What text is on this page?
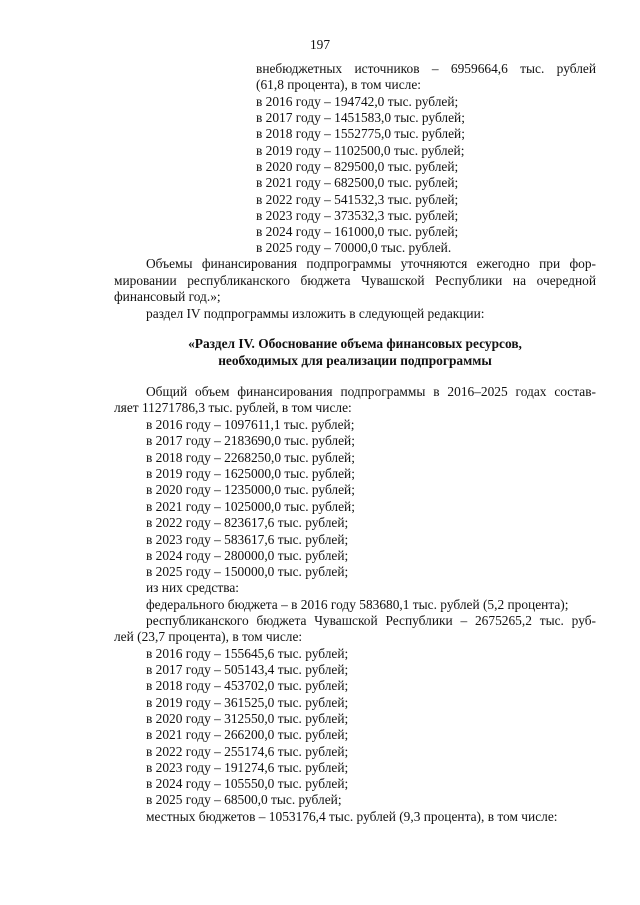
197
внебюджетных источников – 6959664,6 тыс. рублей
(61,8 процента), в том числе:
в 2016 году – 194742,0 тыс. рублей;
в 2017 году – 1451583,0 тыс. рублей;
в 2018 году – 1552775,0 тыс. рублей;
в 2019 году – 1102500,0 тыс. рублей;
в 2020 году – 829500,0 тыс. рублей;
в 2021 году – 682500,0 тыс. рублей;
в 2022 году – 541532,3 тыс. рублей;
в 2023 году – 373532,3 тыс. рублей;
в 2024 году – 161000,0 тыс. рублей;
в 2025 году – 70000,0 тыс. рублей.
Объемы финансирования подпрограммы уточняются ежегодно при фор-
мировании республиканского бюджета Чувашской Республики на очередной
финансовый год.»;
раздел IV подпрограммы изложить в следующей редакции:
«Раздел IV. Обоснование объема финансовых ресурсов,
необходимых для реализации подпрограммы
Общий объем финансирования подпрограммы в 2016–2025 годах состав-
ляет 11271786,3 тыс. рублей, в том числе:
в 2016 году – 1097611,1 тыс. рублей;
в 2017 году – 2183690,0 тыс. рублей;
в 2018 году – 2268250,0 тыс. рублей;
в 2019 году – 1625000,0 тыс. рублей;
в 2020 году – 1235000,0 тыс. рублей;
в 2021 году – 1025000,0 тыс. рублей;
в 2022 году – 823617,6 тыс. рублей;
в 2023 году – 583617,6 тыс. рублей;
в 2024 году – 280000,0 тыс. рублей;
в 2025 году – 150000,0 тыс. рублей;
из них средства:
федерального бюджета – в 2016 году 583680,1 тыс. рублей (5,2 процента);
республиканского бюджета Чувашской Республики – 2675265,2 тыс. руб-
лей (23,7 процента), в том числе:
в 2016 году – 155645,6 тыс. рублей;
в 2017 году – 505143,4 тыс. рублей;
в 2018 году – 453702,0 тыс. рублей;
в 2019 году – 361525,0 тыс. рублей;
в 2020 году – 312550,0 тыс. рублей;
в 2021 году – 266200,0 тыс. рублей;
в 2022 году – 255174,6 тыс. рублей;
в 2023 году – 191274,6 тыс. рублей;
в 2024 году – 105550,0 тыс. рублей;
в 2025 году – 68500,0 тыс. рублей;
местных бюджетов – 1053176,4 тыс. рублей (9,3 процента), в том числе:
